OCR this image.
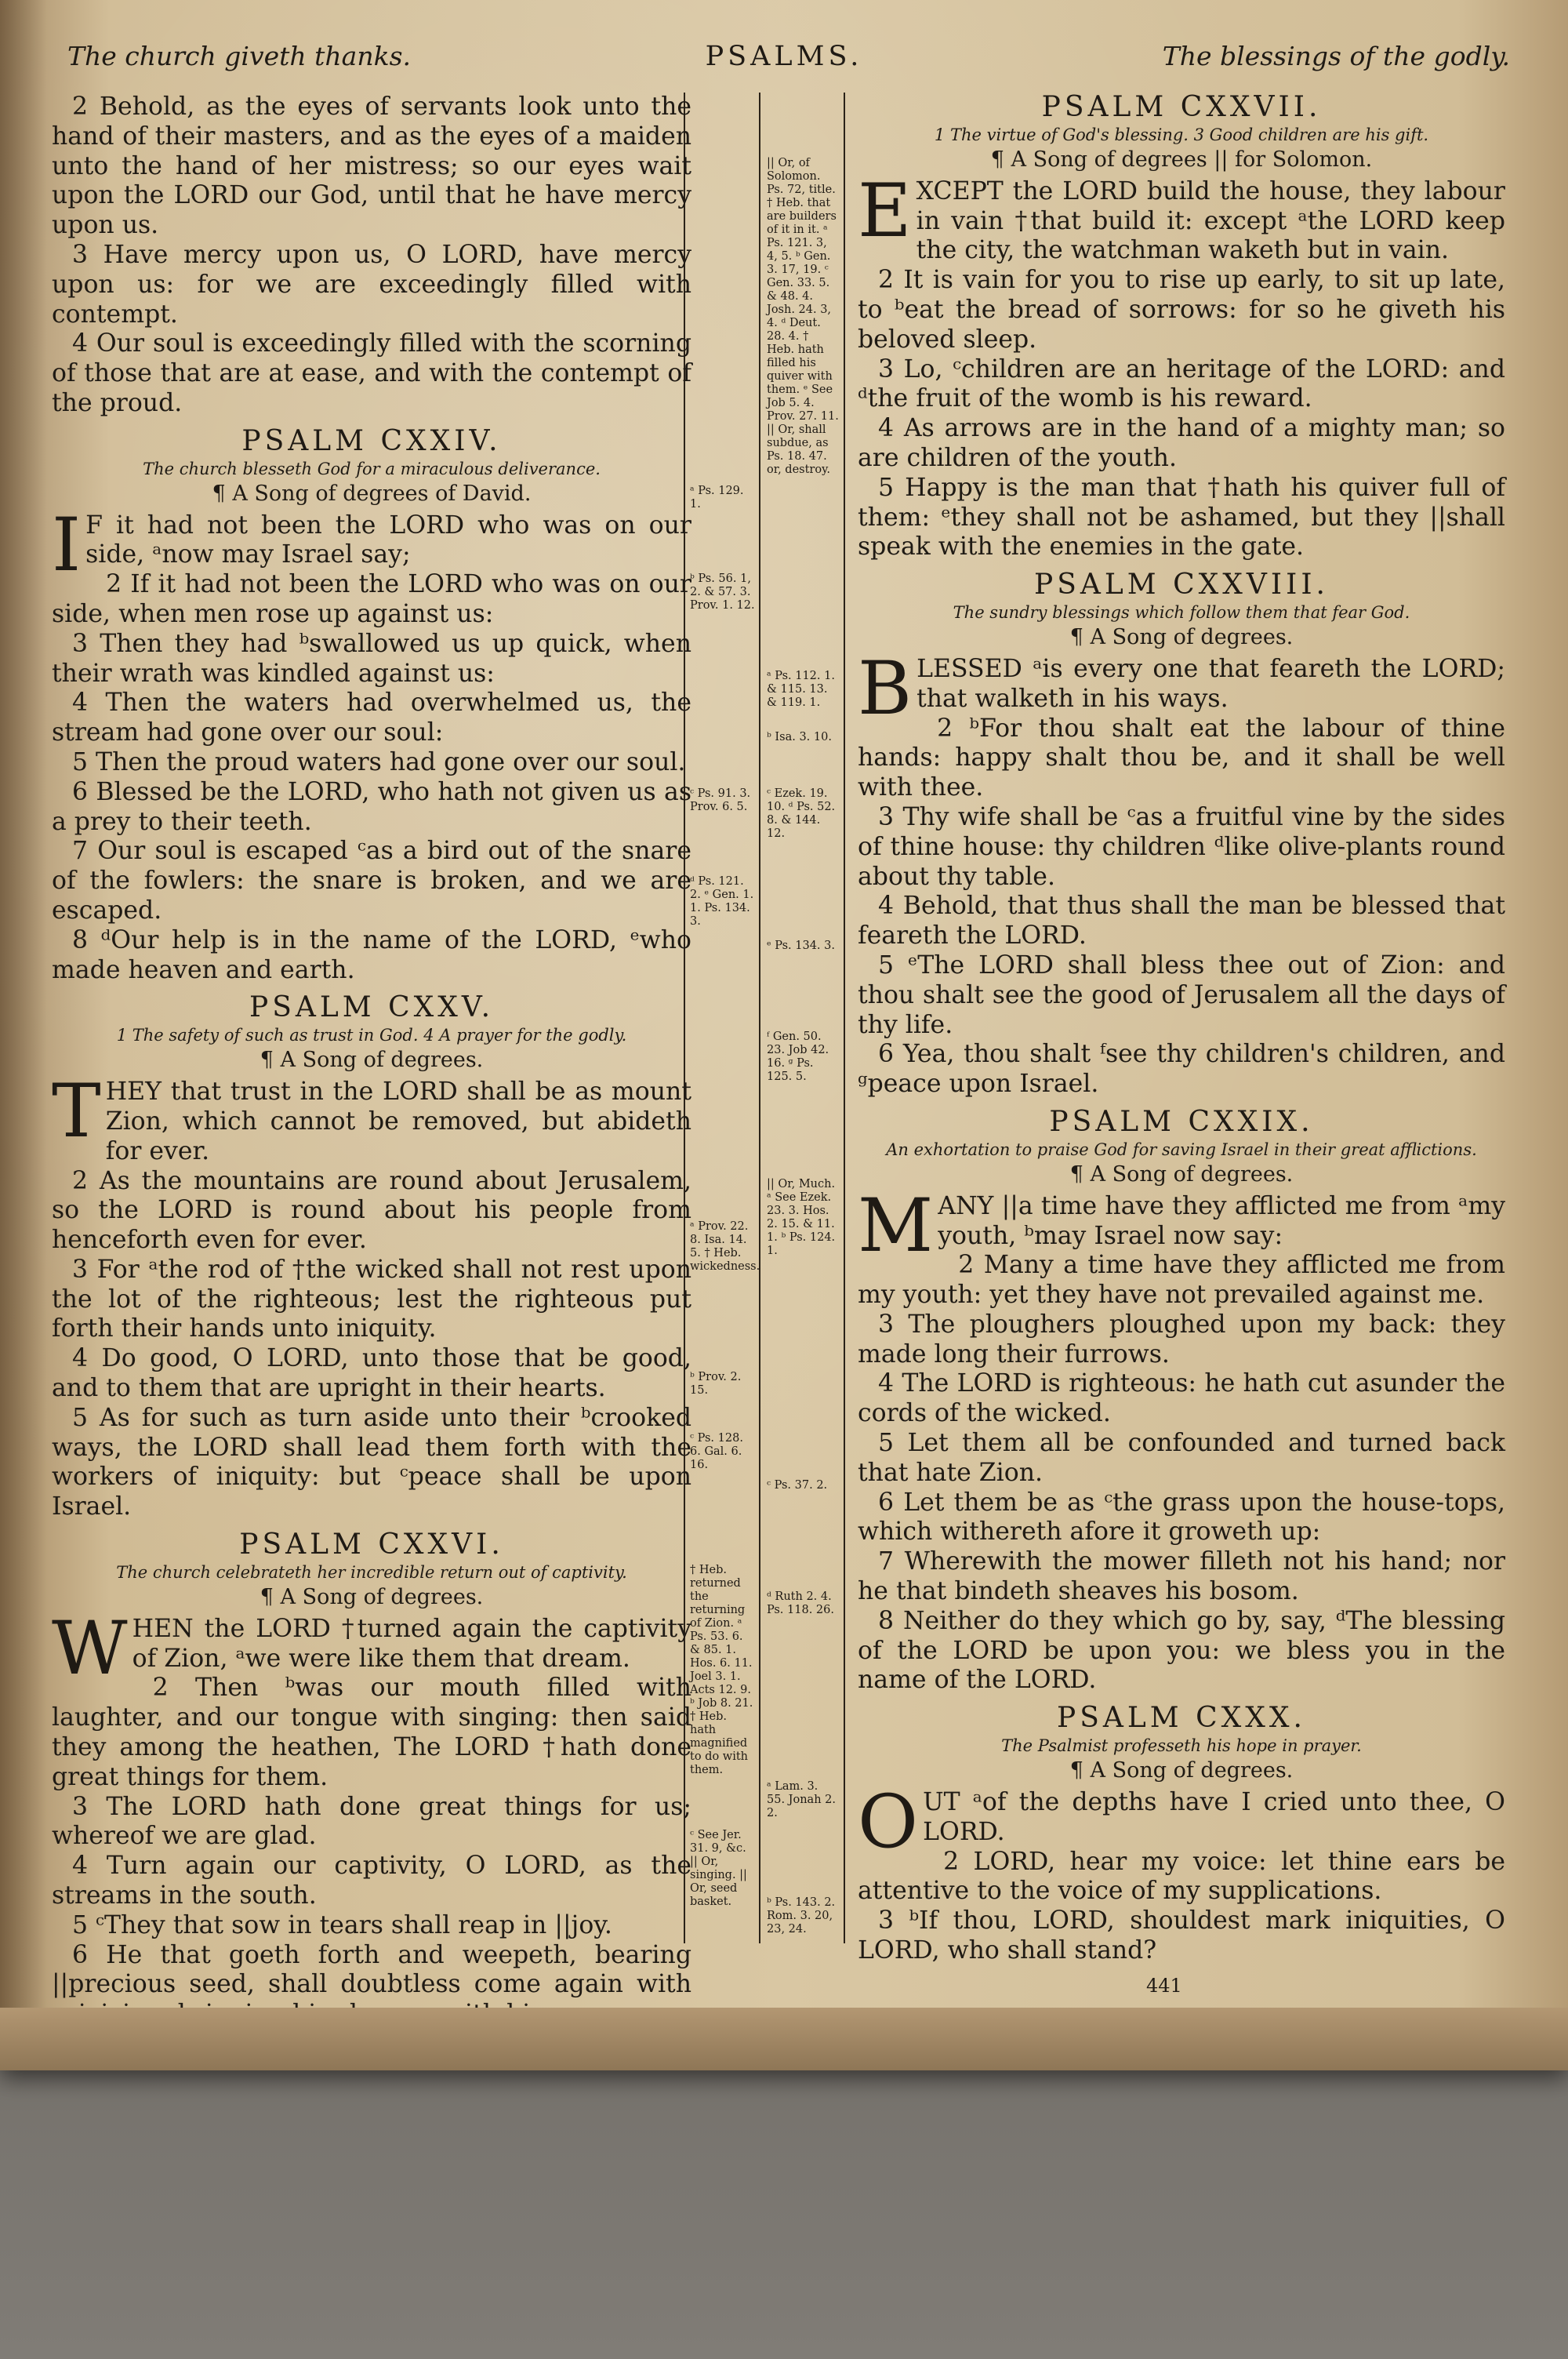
The church giveth thanks.	PSALMS.	The blessings of the godly.
ᵃ Ps. 129. 1.
ᵇ Ps. 56. 1, 2. & 57. 3. Prov. 1. 12.
ᶜ Ps. 91. 3. Prov. 6. 5.
ᵈ Ps. 121. 2. ᵉ Gen. 1. 1. Ps. 134. 3.
ᵃ Prov. 22. 8. Isa. 14. 5. † Heb. wickedness.
ᵇ Prov. 2. 15.
ᶜ Ps. 128. 6. Gal. 6. 16.
† Heb. returned the returning of Zion. ᵃ Ps. 53. 6. & 85. 1. Hos. 6. 11. Joel 3. 1. Acts 12. 9. ᵇ Job 8. 21. † Heb. hath magnified to do with them.
ᶜ See Jer. 31. 9, &c. || Or, singing. || Or, seed basket.
|| Or, of Solomon. Ps. 72, title. † Heb. that are builders of it in it. ᵃ Ps. 121. 3, 4, 5. ᵇ Gen. 3. 17, 19. ᶜ Gen. 33. 5. & 48. 4. Josh. 24. 3, 4. ᵈ Deut. 28. 4. † Heb. hath filled his quiver with them. ᵉ See Job 5. 4. Prov. 27. 11. || Or, shall subdue, as Ps. 18. 47. or, destroy.
ᵃ Ps. 112. 1. & 115. 13. & 119. 1.
ᵇ Isa. 3. 10.
ᶜ Ezek. 19. 10. ᵈ Ps. 52. 8. & 144. 12.
ᵉ Ps. 134. 3.
ᶠ Gen. 50. 23. Job 42. 16. ᵍ Ps. 125. 5.
|| Or, Much. ᵃ See Ezek. 23. 3. Hos. 2. 15. & 11. 1. ᵇ Ps. 124. 1.
ᶜ Ps. 37. 2.
ᵈ Ruth 2. 4. Ps. 118. 26.
ᵃ Lam. 3. 55. Jonah 2. 2.
ᵇ Ps. 143. 2. Rom. 3. 20, 23, 24.

2 Behold, as the eyes of servants look unto the hand of their masters, and as the eyes of a maiden unto the hand of her mistress; so our eyes wait upon the LORD our God, until that he have mercy upon us.

3 Have mercy upon us, O LORD, have mercy upon us: for we are exceedingly filled with contempt.

4 Our soul is exceedingly filled with the scorning of those that are at ease, and with the contempt of the proud.

PSALM CXXIV.

The church blesseth God for a miraculous deliverance.

¶ A Song of degrees of David.

I F it had not been the LORD who was on our side, ᵃnow may Israel say;

2 If it had not been the LORD who was on our side, when men rose up against us:

3 Then they had ᵇswallowed us up quick, when their wrath was kindled against us:

4 Then the waters had overwhelmed us, the stream had gone over our soul:

5 Then the proud waters had gone over our soul.

6 Blessed be the LORD, who hath not given us as a prey to their teeth.

7 Our soul is escaped ᶜas a bird out of the snare of the fowlers: the snare is broken, and we are escaped.

8 ᵈOur help is in the name of the LORD, ᵉwho made heaven and earth.

PSALM CXXV.

1 The safety of such as trust in God. 4 A prayer for the godly.

¶ A Song of degrees.

THEY that trust in the LORD shall be as mount Zion, which cannot be removed, but abideth for ever.

2 As the mountains are round about Jerusalem, so the LORD is round about his people from henceforth even for ever.

3 For ᵃthe rod of †the wicked shall not rest upon the lot of the righteous; lest the righteous put forth their hands unto iniquity.

4 Do good, O LORD, unto those that be good, and to them that are upright in their hearts.

5 As for such as turn aside unto their ᵇcrooked ways, the LORD shall lead them forth with the workers of iniquity: but ᶜpeace shall be upon Israel.

PSALM CXXVI.

The church celebrateth her incredible return out of captivity.

¶ A Song of degrees.

WHEN the LORD †turned again the captivity of Zion, ᵃwe were like them that dream.

2 Then ᵇwas our mouth filled with laughter, and our tongue with singing: then said they among the heathen, The LORD †hath done great things for them.

3 The LORD hath done great things for us; whereof we are glad.

4 Turn again our captivity, O LORD, as the streams in the south.

5 ᶜThey that sow in tears shall reap in ||joy.

6 He that goeth forth and weepeth, bearing ||precious seed, shall doubtless come again with

PSALM CXXVII.

1 The virtue of God's blessing. 3 Good children are his gift.

¶ A Song of degrees || for Solomon.

EXCEPT the LORD build the house, they labour in vain †that build it: except ᵃthe LORD keep the city, the watchman waketh but in vain.

2 It is vain for you to rise up early, to sit up late, to ᵇeat the bread of sorrows: for so he giveth his beloved sleep.

3 Lo, ᶜchildren are an heritage of the LORD: and ᵈthe fruit of the womb is his reward.

4 As arrows are in the hand of a mighty man; so are children of the youth.

5 Happy is the man that †hath his quiver full of them: ᵉthey shall not be ashamed, but they ||shall speak with the enemies in the gate.

PSALM CXXVIII.

The sundry blessings which follow them that fear God.

¶ A Song of degrees.

BLESSED ᵃis every one that feareth the LORD; that walketh in his ways.

2 ᵇFor thou shalt eat the labour of thine hands: happy shalt thou be, and it shall be well with thee.

3 Thy wife shall be ᶜas a fruitful vine by the sides of thine house: thy children ᵈlike olive-plants round about thy table.

4 Behold, that thus shall the man be blessed that feareth the LORD.

5 ᵉThe LORD shall bless thee out of Zion: and thou shalt see the good of Jerusalem all the days of thy life.

6 Yea, thou shalt ᶠsee thy children's children, and ᵍpeace upon Israel.

PSALM CXXIX.

An exhortation to praise God for saving Israel in their great afflictions.

¶ A Song of degrees.

MANY ||a time have they afflicted me from ᵃmy youth, ᵇmay Israel now say:

2 Many a time have they afflicted me from my youth: yet they have not prevailed against me.

3 The ploughers ploughed upon my back: they made long their furrows.

4 The LORD is righteous: he hath cut asunder the cords of the wicked.

5 Let them all be confounded and turned back that hate Zion.

6 Let them be as ᶜthe grass upon the house-tops, which withereth afore it groweth up:

7 Wherewith the mower filleth not his hand; nor he that bindeth sheaves his bosom.

8 Neither do they which go by, say, ᵈThe blessing of the LORD be upon you: we bless you in the name of the LORD.

PSALM CXXX.

The Psalmist professeth his hope in prayer.

¶ A Song of degrees.

OUT ᵃof the depths have I cried unto thee, O LORD.

2 LORD, hear my voice: let thine ears be attentive to the voice of my supplications.

3 ᵇIf thou, LORD, shouldest mark iniquities, O LORD, who shall stand?

441
